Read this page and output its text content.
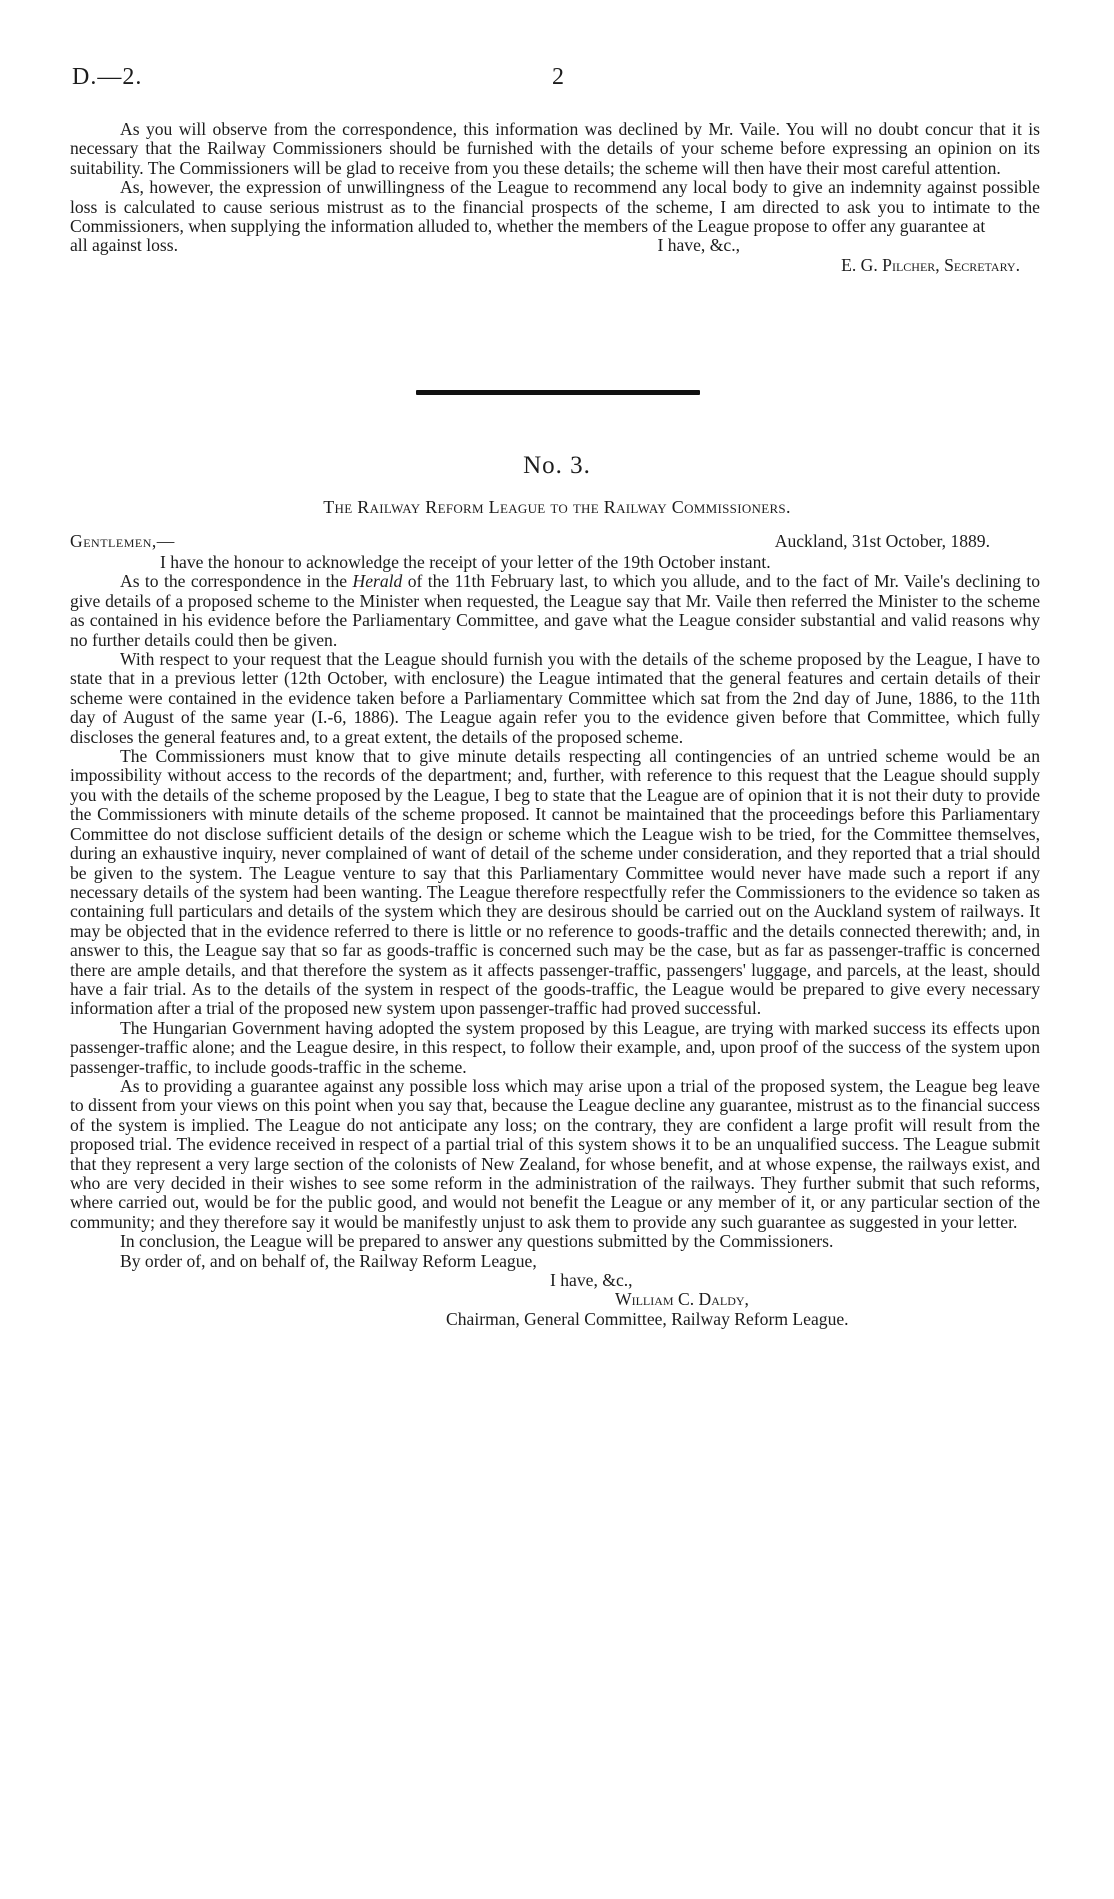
D.—2.	2

As you will observe from the correspondence, this information was declined by Mr. Vaile. You will no doubt concur that it is necessary that the Railway Commissioners should be furnished with the details of your scheme before expressing an opinion on its suitability. The Commissioners will be glad to receive from you these details; the scheme will then have their most careful attention.

As, however, the expression of unwillingness of the League to recommend any local body to give an indemnity against possible loss is calculated to cause serious mistrust as to the financial prospects of the scheme, I am directed to ask you to intimate to the Commissioners, when supplying the information alluded to, whether the members of the League propose to offer any guarantee at

all against loss.	I have, &c.,

E. G. Pilcher, Secretary.

No. 3.
The Railway Reform League to the Railway Commissioners.
Gentlemen,—	Auckland, 31st October, 1889.

I have the honour to acknowledge the receipt of your letter of the 19th October instant.

As to the correspondence in the Herald of the 11th February last, to which you allude, and to the fact of Mr. Vaile's declining to give details of a proposed scheme to the Minister when requested, the League say that Mr. Vaile then referred the Minister to the scheme as contained in his evidence before the Parliamentary Committee, and gave what the League consider substantial and valid reasons why no further details could then be given.

With respect to your request that the League should furnish you with the details of the scheme proposed by the League, I have to state that in a previous letter (12th October, with enclosure) the League intimated that the general features and certain details of their scheme were contained in the evidence taken before a Parliamentary Committee which sat from the 2nd day of June, 1886, to the 11th day of August of the same year (I.-6, 1886). The League again refer you to the evidence given before that Committee, which fully discloses the general features and, to a great extent, the details of the proposed scheme.

The Commissioners must know that to give minute details respecting all contingencies of an untried scheme would be an impossibility without access to the records of the department; and, further, with reference to this request that the League should supply you with the details of the scheme proposed by the League, I beg to state that the League are of opinion that it is not their duty to provide the Commissioners with minute details of the scheme proposed. It cannot be maintained that the proceedings before this Parliamentary Committee do not disclose sufficient details of the design or scheme which the League wish to be tried, for the Committee themselves, during an exhaustive inquiry, never complained of want of detail of the scheme under consideration, and they reported that a trial should be given to the system. The League venture to say that this Parliamentary Committee would never have made such a report if any necessary details of the system had been wanting. The League therefore respectfully refer the Commissioners to the evidence so taken as containing full particulars and details of the system which they are desirous should be carried out on the Auckland system of railways. It may be objected that in the evidence referred to there is little or no reference to goods-traffic and the details connected therewith; and, in answer to this, the League say that so far as goods-traffic is concerned such may be the case, but as far as passenger-traffic is concerned there are ample details, and that therefore the system as it affects passenger-traffic, passengers' luggage, and parcels, at the least, should have a fair trial. As to the details of the system in respect of the goods-traffic, the League would be prepared to give every necessary information after a trial of the proposed new system upon passenger-traffic had proved successful.

The Hungarian Government having adopted the system proposed by this League, are trying with marked success its effects upon passenger-traffic alone; and the League desire, in this respect, to follow their example, and, upon proof of the success of the system upon passenger-traffic, to include goods-traffic in the scheme.

As to providing a guarantee against any possible loss which may arise upon a trial of the proposed system, the League beg leave to dissent from your views on this point when you say that, because the League decline any guarantee, mistrust as to the financial success of the system is implied. The League do not anticipate any loss; on the contrary, they are confident a large profit will result from the proposed trial. The evidence received in respect of a partial trial of this system shows it to be an unqualified success. The League submit that they represent a very large section of the colonists of New Zealand, for whose benefit, and at whose expense, the railways exist, and who are very decided in their wishes to see some reform in the administration of the railways. They further submit that such reforms, where carried out, would be for the public good, and would not benefit the League or any member of it, or any particular section of the community; and they therefore say it would be manifestly unjust to ask them to provide any such guarantee as suggested in your letter.

In conclusion, the League will be prepared to answer any questions submitted by the Commissioners.

By order of, and on behalf of, the Railway Reform League,

I have, &c.,

William C. Daldy,

Chairman, General Committee, Railway Reform League.
